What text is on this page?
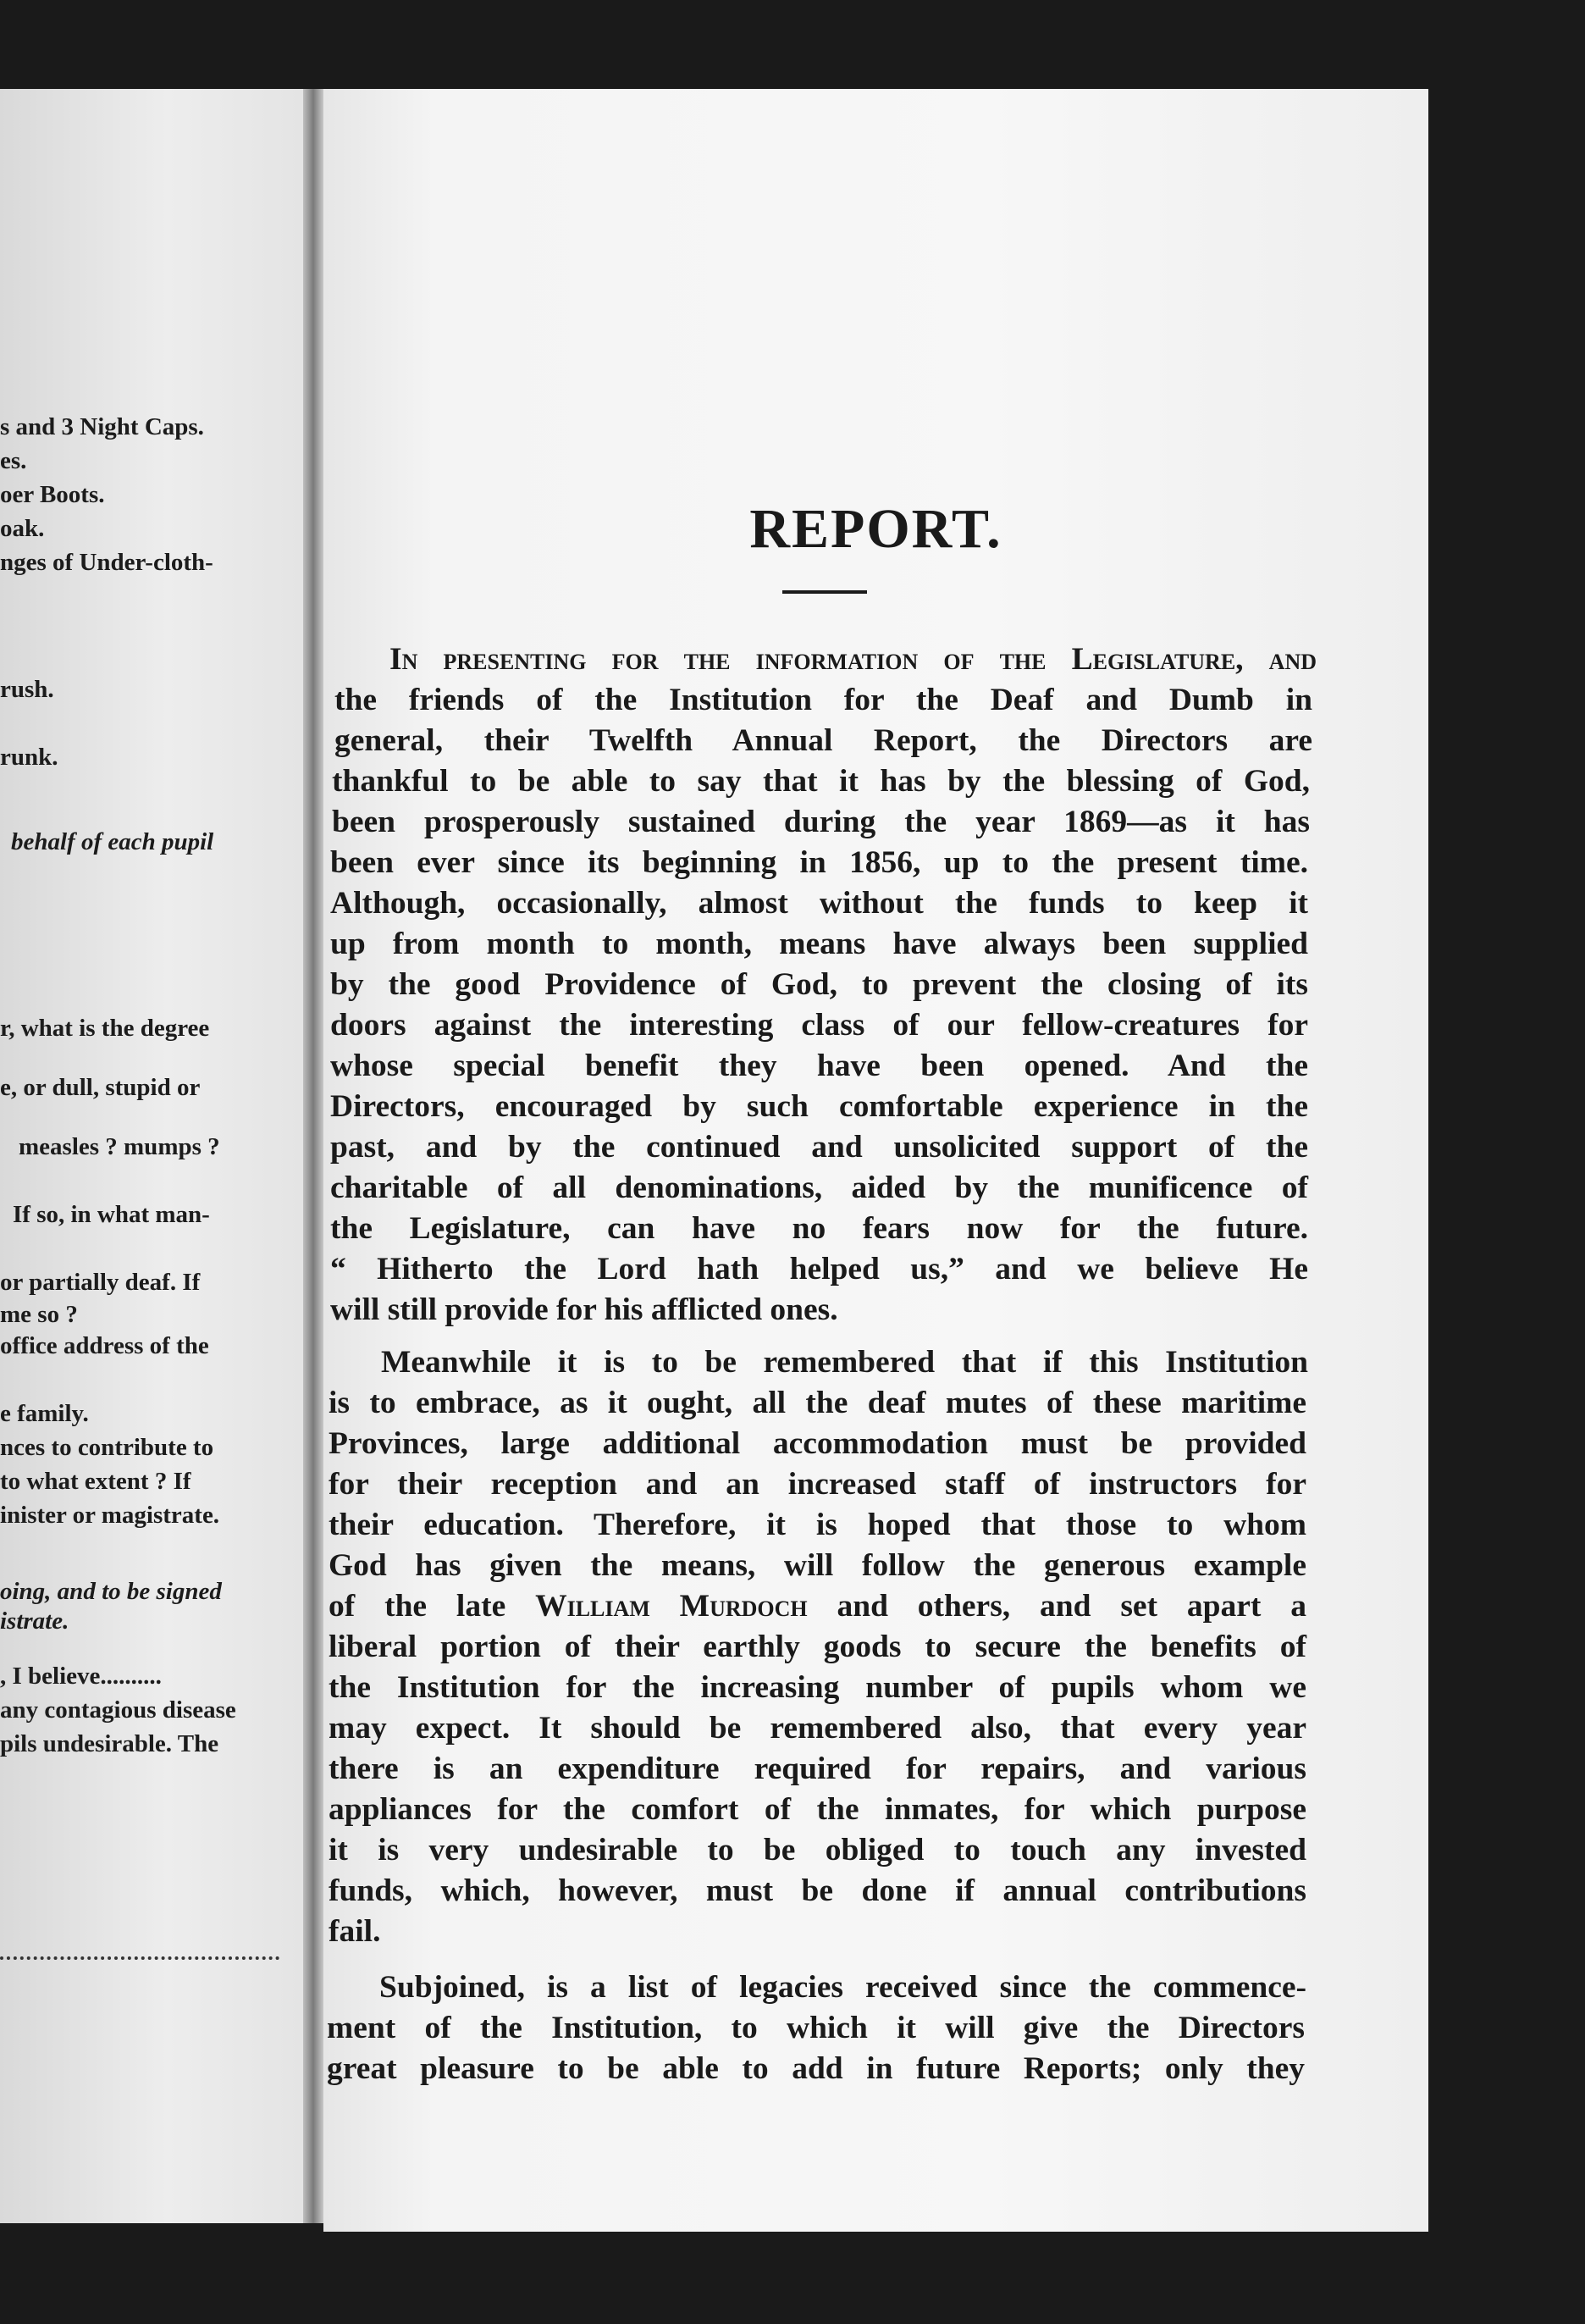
s and 3 Night Caps.
es.
oer Boots.
oak.
nges of Under-cloth-
rush.
runk.
behalf of each pupil
r, what is the degree
e, or dull, stupid or
measles ? mumps ?
If so, in what man-
or partially deaf. If
me so ?
office address of the
e family.
nces to contribute to
to what extent ? If
inister or magistrate.
oing, and to be signed
istrate.
, I believe..........
any contagious disease
pils undesirable. The
REPORT.
In presenting for the information of the Legislature, and
the friends of the Institution for the Deaf and Dumb in
general, their Twelfth Annual Report, the Directors are
thankful to be able to say that it has by the blessing of God,
been prosperously sustained during the year 1869—as it has
been ever since its beginning in 1856, up to the present time.
Although, occasionally, almost without the funds to keep it
up from month to month, means have always been supplied
by the good Providence of God, to prevent the closing of its
doors against the interesting class of our fellow-creatures for
whose special benefit they have been opened. And the
Directors, encouraged by such comfortable experience in the
past, and by the continued and unsolicited support of the
charitable of all denominations, aided by the munificence of
the Legislature, can have no fears now for the future.
“ Hitherto the Lord hath helped us,” and we believe He
will still provide for his afflicted ones.
Meanwhile it is to be remembered that if this Institution
is to embrace, as it ought, all the deaf mutes of these maritime
Provinces, large additional accommodation must be provided
for their reception and an increased staff of instructors for
their education. Therefore, it is hoped that those to whom
God has given the means, will follow the generous example
of the late William Murdoch and others, and set apart a
liberal portion of their earthly goods to secure the benefits of
the Institution for the increasing number of pupils whom we
may expect. It should be remembered also, that every year
there is an expenditure required for repairs, and various
appliances for the comfort of the inmates, for which purpose
it is very undesirable to be obliged to touch any invested
funds, which, however, must be done if annual contributions
fail.
Subjoined, is a list of legacies received since the commence-
ment of the Institution, to which it will give the Directors
great pleasure to be able to add in future Reports; only they
